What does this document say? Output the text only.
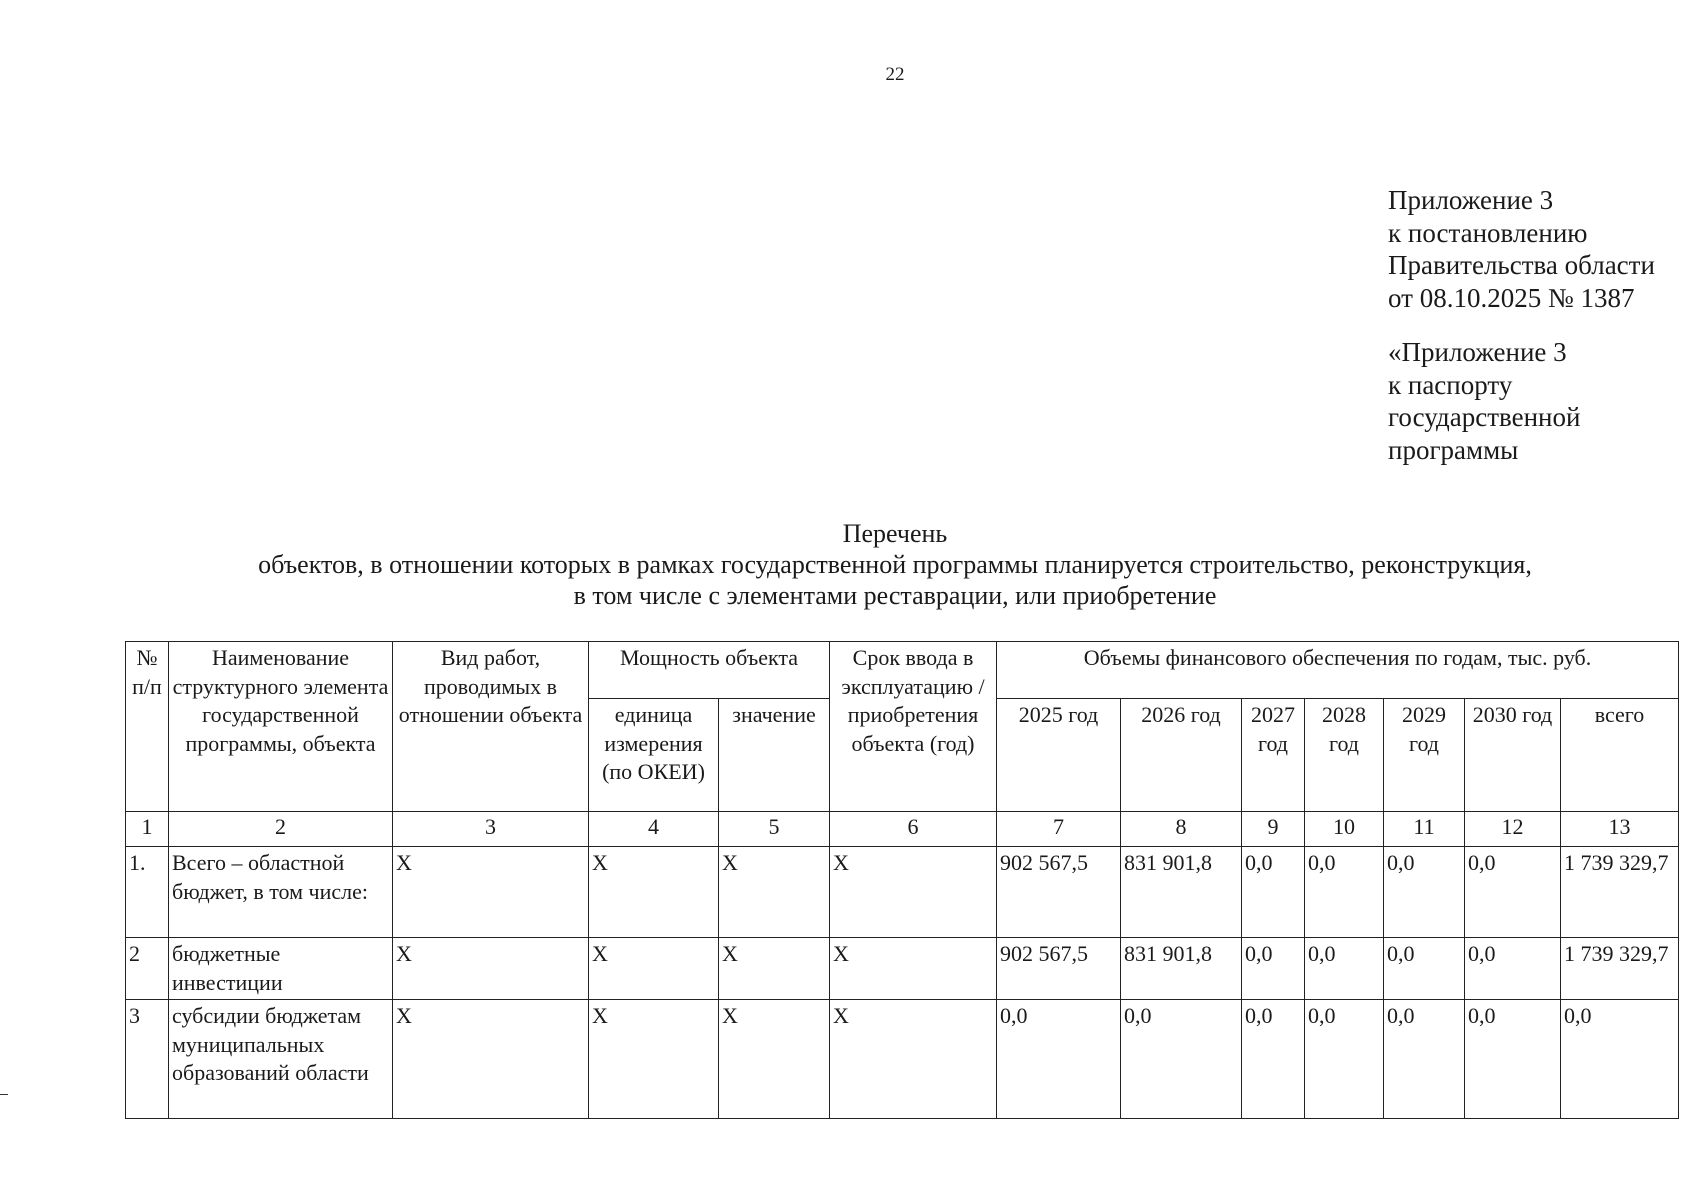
22
Приложение 3
к постановлению
Правительства области
от 08.10.2025 № 1387
«Приложение 3
к паспорту
государственной
программы
Перечень
объектов, в отношении которых в рамках государственной программы планируется строительство, реконструкция,
в том числе с элементами реставрации, или приобретение
№ п/п	Наименование структурного элемента государственной программы, объекта	Вид работ, проводимых в отношении объекта	Мощность объекта		Срок ввода в эксплуатацию / приобретения объекта (год)	Объемы финансового обеспечения по годам, тыс. руб.						
			единица измерения (по ОКЕИ)	значение		2025 год	2026 год	2027 год	2028 год	2029 год	2030 год	всего
1	2	3	4	5	6	7	8	9	10	11	12	13
1.	Всего – областной бюджет, в том числе:	X	X	X	X	902 567,5	831 901,8	0,0	0,0	0,0	0,0	1 739 329,7
2	бюджетные инвестиции	X	X	X	X	902 567,5	831 901,8	0,0	0,0	0,0	0,0	1 739 329,7
3	субсидии бюджетам муниципальных образований области	X	X	X	X	0,0	0,0	0,0	0,0	0,0	0,0	0,0
